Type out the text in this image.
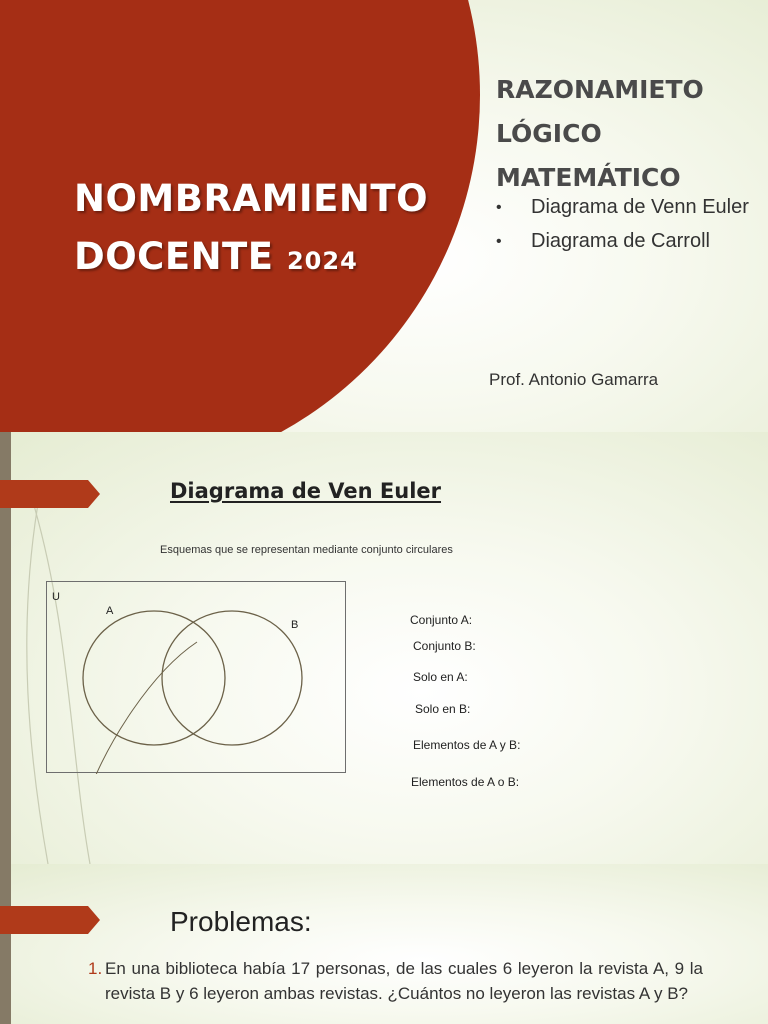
NOMBRAMIENTO
DOCENTE 2024
RAZONAMIETO
LÓGICO
MATEMÁTICO
• Diagrama de Venn Euler
• Diagrama de Carroll
Prof. Antonio Gamarra
Diagrama de Ven Euler
Esquemas que se representan mediante conjunto circulares
U
A
B	Conjunto A:
Conjunto B:
Solo en A:
Solo en B:
Elementos de A y B:
Elementos de A o B:
Problemas:
1. En una biblioteca había 17 personas, de las cuales 6 leyeron la revista A, 9 la revista B y 6 leyeron ambas revistas. ¿Cuántos no leyeron las revistas A y B?
